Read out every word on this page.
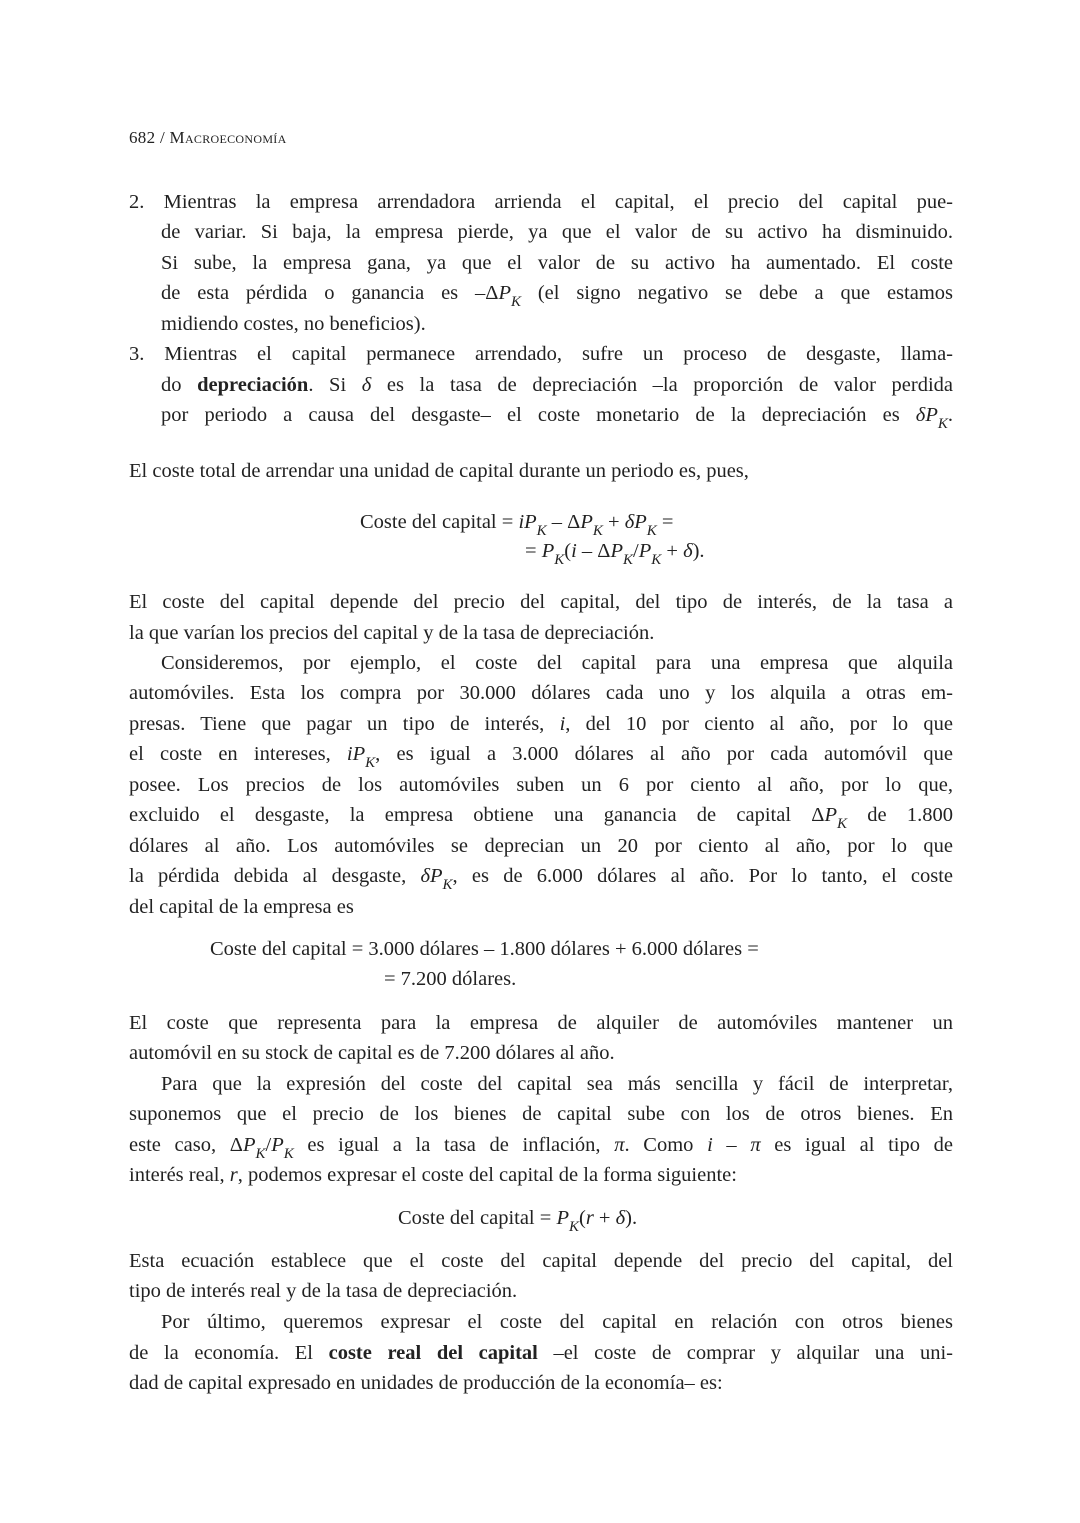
682 / Macroeconomía
2. Mientras la empresa arrendadora arrienda el capital, el precio del capital pue-
de variar. Si baja, la empresa pierde, ya que el valor de su activo ha disminuido.
Si sube, la empresa gana, ya que el valor de su activo ha aumentado. El coste
de esta pérdida o ganancia es $-\Delta P_K$ (el signo negativo se debe a que estamos
midiendo costes, no beneficios).
3. Mientras el capital permanece arrendado, sufre un proceso de desgaste, llama-
do depreciación. Si δ es la tasa de depreciación –la proporción de valor perdida
por periodo a causa del desgaste– el coste monetario de la depreciación es $\delta P_K$.
El coste total de arrendar una unidad de capital durante un periodo es, pues,
Coste del capital = $iP_K - \Delta P_K + \delta P_K$ =
= $P_K(i - \Delta P_K/P_K + \delta)$.
El coste del capital depende del precio del capital, del tipo de interés, de la tasa a
la que varían los precios del capital y de la tasa de depreciación.
Consideremos, por ejemplo, el coste del capital para una empresa que alquila
automóviles. Esta los compra por 30.000 dólares cada uno y los alquila a otras em-
presas. Tiene que pagar un tipo de interés, i, del 10 por ciento al año, por lo que
el coste en intereses, $iP_K$, es igual a 3.000 dólares al año por cada automóvil que
posee. Los precios de los automóviles suben un 6 por ciento al año, por lo que,
excluido el desgaste, la empresa obtiene una ganancia de capital $\Delta P_K$ de 1.800
dólares al año. Los automóviles se deprecian un 20 por ciento al año, por lo que
la pérdida debida al desgaste, $\delta P_K$, es de 6.000 dólares al año. Por lo tanto, el coste
del capital de la empresa es
Coste del capital = 3.000 dólares – 1.800 dólares + 6.000 dólares =
= 7.200 dólares.
El coste que representa para la empresa de alquiler de automóviles mantener un
automóvil en su stock de capital es de 7.200 dólares al año.
Para que la expresión del coste del capital sea más sencilla y fácil de interpretar,
suponemos que el precio de los bienes de capital sube con los de otros bienes. En
este caso, $\Delta P_K/P_K$ es igual a la tasa de inflación, π. Como i – π es igual al tipo de
interés real, r, podemos expresar el coste del capital de la forma siguiente:
Coste del capital = $P_K(r + \delta)$.
Esta ecuación establece que el coste del capital depende del precio del capital, del
tipo de interés real y de la tasa de depreciación.
Por último, queremos expresar el coste del capital en relación con otros bienes
de la economía. El coste real del capital –el coste de comprar y alquilar una uni-
dad de capital expresado en unidades de producción de la economía– es:
